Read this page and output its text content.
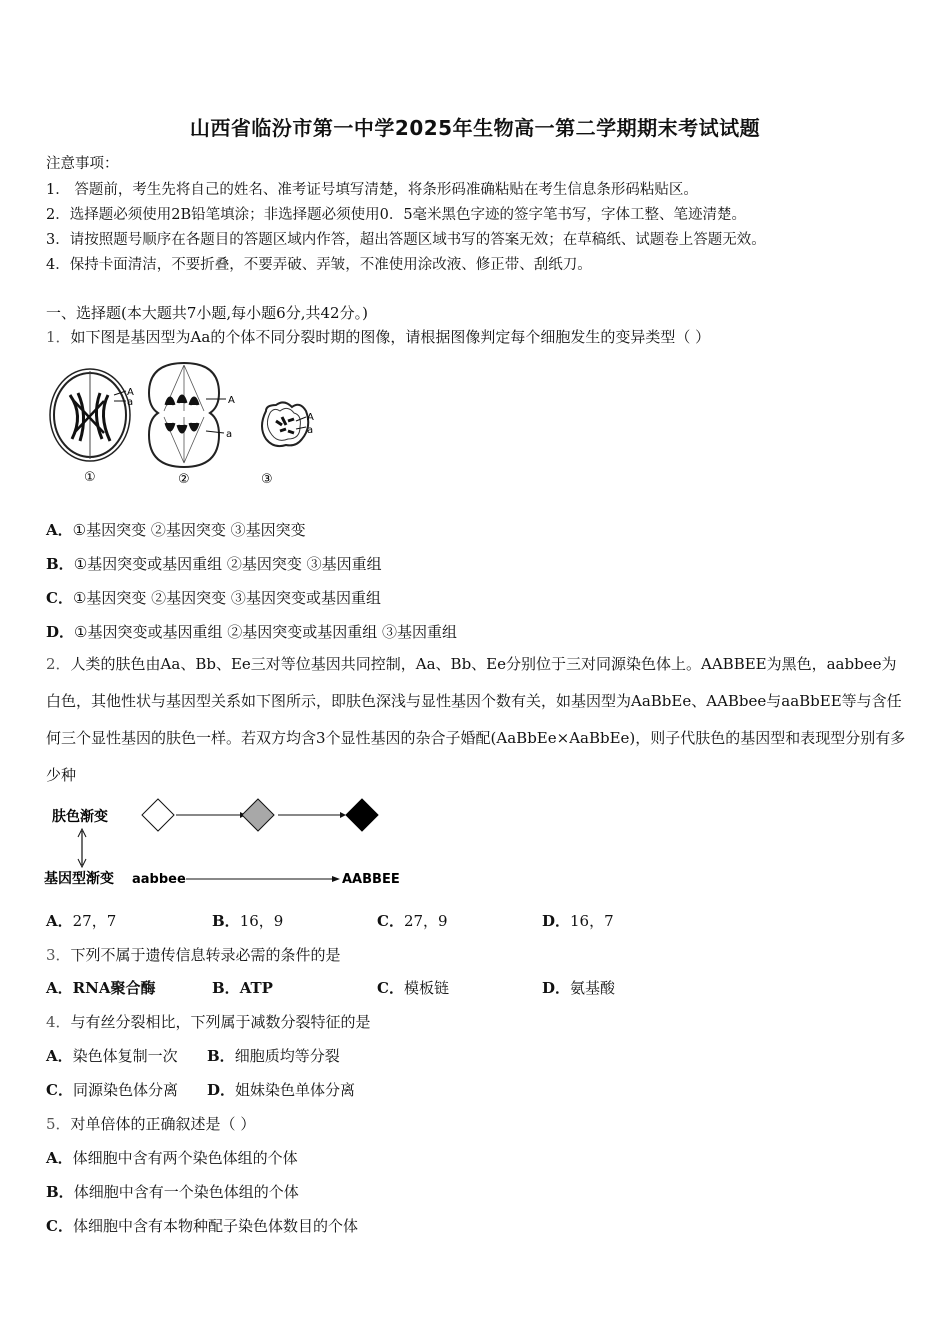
山西省临汾市第一中学2025年生物高一第二学期期末考试试题
注意事项：
1． 答题前，考生先将自己的姓名、准考证号填写清楚，将条形码准确粘贴在考生信息条形码粘贴区。
2．选择题必须使用2B铅笔填涂；非选择题必须使用0．5毫米黑色字迹的签字笔书写，字体工整、笔迹清楚。
3．请按照题号顺序在各题目的答题区域内作答，超出答题区域书写的答案无效；在草稿纸、试题卷上答题无效。
4．保持卡面清洁，不要折叠，不要弄破、弄皱，不准使用涂改液、修正带、刮纸刀。
一、选择题(本大题共7小题,每小题6分,共42分。)
1．如下图是基因型为Aa的个体不同分裂时期的图像，请根据图像判定每个细胞发生的变异类型（ ）
A
a
①
A
a
②
A
a
③
A．①基因突变 ②基因突变 ③基因突变
B．①基因突变或基因重组 ②基因突变 ③基因重组
C．①基因突变 ②基因突变 ③基因突变或基因重组
D．①基因突变或基因重组 ②基因突变或基因重组 ③基因重组
2．人类的肤色由Aa、Bb、Ee三对等位基因共同控制，Aa、Bb、Ee分别位于三对同源染色体上。AABBEE为黑色，aabbee为白色，其他性状与基因型关系如下图所示，即肤色深浅与显性基因个数有关，如基因型为AaBbEe、AABbee与aaBbEE等与含任何三个显性基因的肤色一样。若双方均含3个显性基因的杂合子婚配(AaBbEe×AaBbEe)，则子代肤色的基因型和表现型分别有多少种
肤色渐变
基因型渐变 aabbee	AABBEE
A．27，7	B．16，9	C．27，9	D．16，7
3．下列不属于遗传信息转录必需的条件的是
A．RNA聚合酶	B．ATP	C．模板链	D．氨基酸
4．与有丝分裂相比，下列属于减数分裂特征的是
A．染色体复制一次 B．细胞质均等分裂
C．同源染色体分离 D．姐妹染色单体分离
5．对单倍体的正确叙述是（ ）
A．体细胞中含有两个染色体组的个体
B．体细胞中含有一个染色体组的个体
C．体细胞中含有本物种配子染色体数目的个体
